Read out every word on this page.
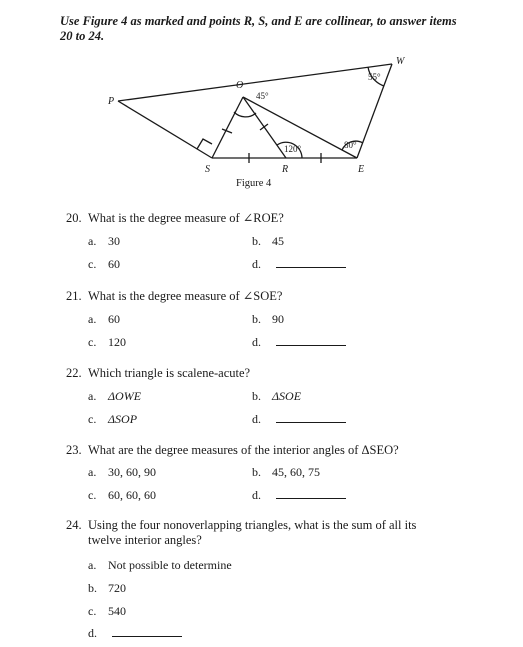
Use Figure 4 as marked and points R, S, and E are collinear, to answer items
20 to 24.
O
P
S	R	E
W
45°
120°	80°
55°
Figure 4
20. What is the degree measure of ∠ROE?
a. 30	b. 45
c. 60	d.
21. What is the degree measure of ∠SOE?
a. 60	b. 90
c. 120	d.
22. Which triangle is scalene-acute?
a. ΔOWE	b. ΔSOE
c. ΔSOP	d.
23. What are the degree measures of the interior angles of ΔSEO?
a. 30, 60, 90	b. 45, 60, 75
c. 60, 60, 60	d.
24. Using the four nonoverlapping triangles, what is the sum of all its
twelve interior angles?
a. Not possible to determine
b. 720
c. 540
d.
